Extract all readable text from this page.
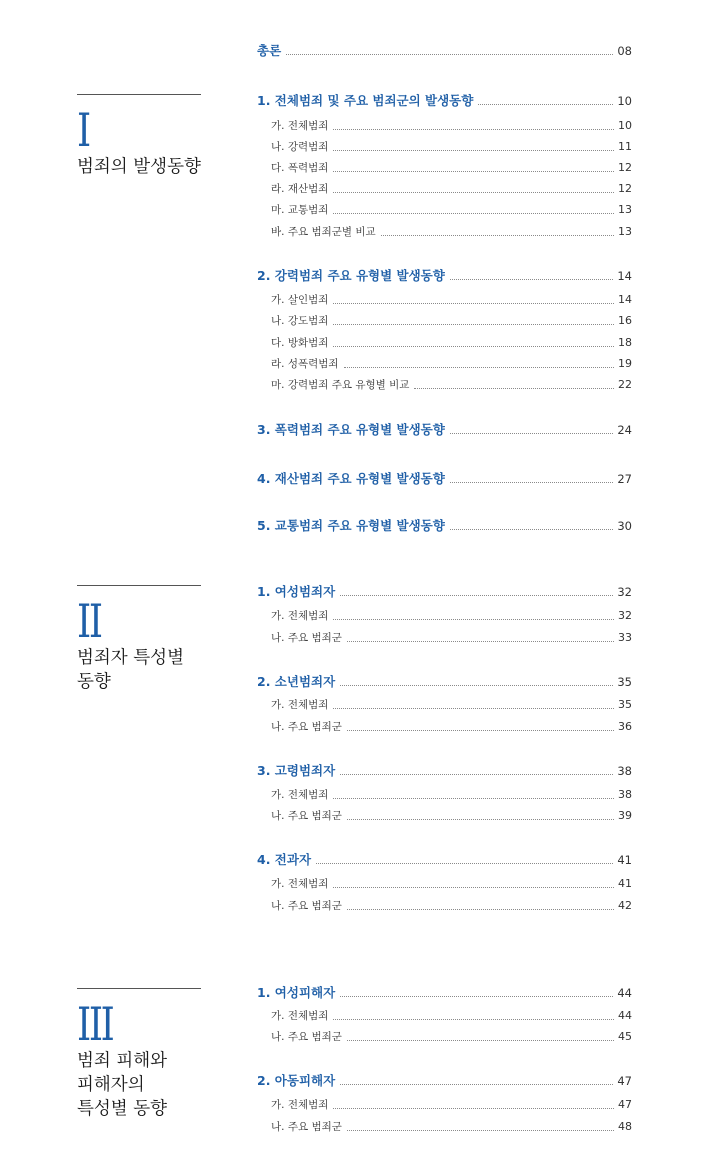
I
범죄의 발생동향
II
범죄자 특성별
동향
III
범죄 피해와
피해자의
특성별 동향
총론	08
1. 전체범죄 및 주요 범죄군의 발생동향	10
가. 전체범죄	10
나. 강력범죄	11
다. 폭력범죄	12
라. 재산범죄	12
마. 교통범죄	13
바. 주요 범죄군별 비교	13
2. 강력범죄 주요 유형별 발생동향	14
가. 살인범죄	14
나. 강도범죄	16
다. 방화범죄	18
라. 성폭력범죄	19
마. 강력범죄 주요 유형별 비교	22
3. 폭력범죄 주요 유형별 발생동향	24
4. 재산범죄 주요 유형별 발생동향	27
5. 교통범죄 주요 유형별 발생동향	30
1. 여성범죄자	32
가. 전체범죄	32
나. 주요 범죄군	33
2. 소년범죄자	35
가. 전체범죄	35
나. 주요 범죄군	36
3. 고령범죄자	38
가. 전체범죄	38
나. 주요 범죄군	39
4. 전과자	41
가. 전체범죄	41
나. 주요 범죄군	42
1. 여성피해자	44
가. 전체범죄	44
나. 주요 범죄군	45
2. 아동피해자	47
가. 전체범죄	47
나. 주요 범죄군	48
